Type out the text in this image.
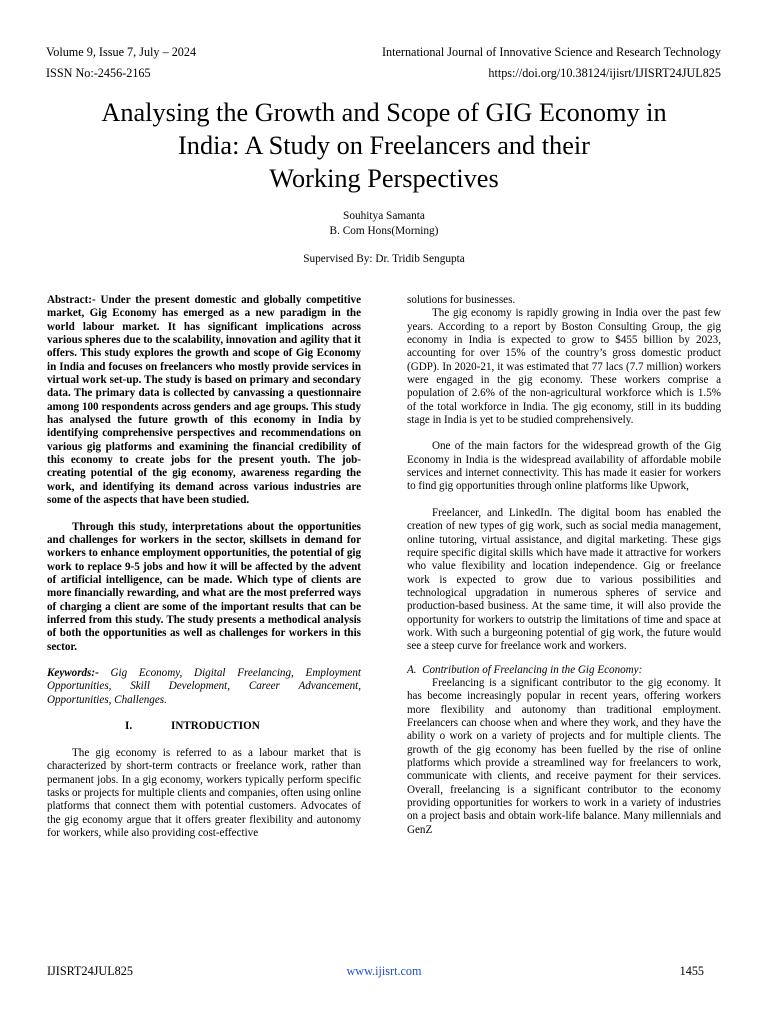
Volume 9, Issue 7, July – 2024
ISSN No:-2456-2165
International Journal of Innovative Science and Research Technology
https://doi.org/10.38124/ijisrt/IJISRT24JUL825
Analysing the Growth and Scope of GIG Economy in
India: A Study on Freelancers and their
Working Perspectives
Souhitya Samanta
B. Com Hons(Morning)
Supervised By: Dr. Tridib Sengupta

Abstract:- Under the present domestic and globally competitive market, Gig Economy has emerged as a new paradigm in the world labour market. It has significant implications across various spheres due to the scalability, innovation and agility that it offers. This study explores the growth and scope of Gig Economy in India and focuses on freelancers who mostly provide services in virtual work set-up. The study is based on primary and secondary data. The primary data is collected by canvassing a questionnaire among 100 respondents across genders and age groups. This study has analysed the future growth of this economy in India by identifying comprehensive perspectives and recommendations on various gig platforms and examining the financial credibility of this economy to create jobs for the present youth. The job-creating potential of the gig economy, awareness regarding the work, and identifying its demand across various industries are some of the aspects that have been studied.

Through this study, interpretations about the opportunities and challenges for workers in the sector, skillsets in demand for workers to enhance employment opportunities, the potential of gig work to replace 9-5 jobs and how it will be affected by the advent of artificial intelligence, can be made. Which type of clients are more financially rewarding, and what are the most preferred ways of charging a client are some of the important results that can be inferred from this study. The study presents a methodical analysis of both the opportunities as well as challenges for workers in this sector.

Keywords:- Gig Economy, Digital Freelancing, Employment Opportunities, Skill Development, Career Advancement, Opportunities, Challenges.

I.	INTRODUCTION

The gig economy is referred to as a labour market that is characterized by short-term contracts or freelance work, rather than permanent jobs. In a gig economy, workers typically perform specific tasks or projects for multiple clients and companies, often using online platforms that connect them with potential customers. Advocates of the gig economy argue that it offers greater flexibility and autonomy for workers, while also providing cost-effective

solutions for businesses.

The gig economy is rapidly growing in India over the past few years. According to a report by Boston Consulting Group, the gig economy in India is expected to grow to $455 billion by 2023, accounting for over 15% of the country’s gross domestic product (GDP). In 2020-21, it was estimated that 77 lacs (7.7 million) workers were engaged in the gig economy. These workers comprise a population of 2.6% of the non-agricultural workforce which is 1.5% of the total workforce in India. The gig economy, still in its budding stage in India is yet to be studied comprehensively.

One of the main factors for the widespread growth of the Gig Economy in India is the widespread availability of affordable mobile services and internet connectivity. This has made it easier for workers to find gig opportunities through online platforms like Upwork,

Freelancer, and LinkedIn. The digital boom has enabled the creation of new types of gig work, such as social media management, online tutoring, virtual assistance, and digital marketing. These gigs require specific digital skills which have made it attractive for workers who value flexibility and location independence. Gig or freelance work is expected to grow due to various possibilities and technological upgradation in numerous spheres of service and production-based business. At the same time, it will also provide the opportunity for workers to outstrip the limitations of time and space at work. With such a burgeoning potential of gig work, the future would see a steep curve for freelance work and workers.

A.  Contribution of Freelancing in the Gig Economy:

Freelancing is a significant contributor to the gig economy. It has become increasingly popular in recent years, offering workers more flexibility and autonomy than traditional employment. Freelancers can choose when and where they work, and they have the ability o work on a variety of projects and for multiple clients. The growth of the gig economy has been fuelled by the rise of online platforms which provide a streamlined way for freelancers to work, communicate with clients, and receive payment for their services. Overall, freelancing is a significant contributor to the economy providing opportunities for workers to work in a variety of industries on a project basis and obtain work-life balance. Many millennials and GenZ

IJISRT24JUL825	www.ijisrt.com	1455
